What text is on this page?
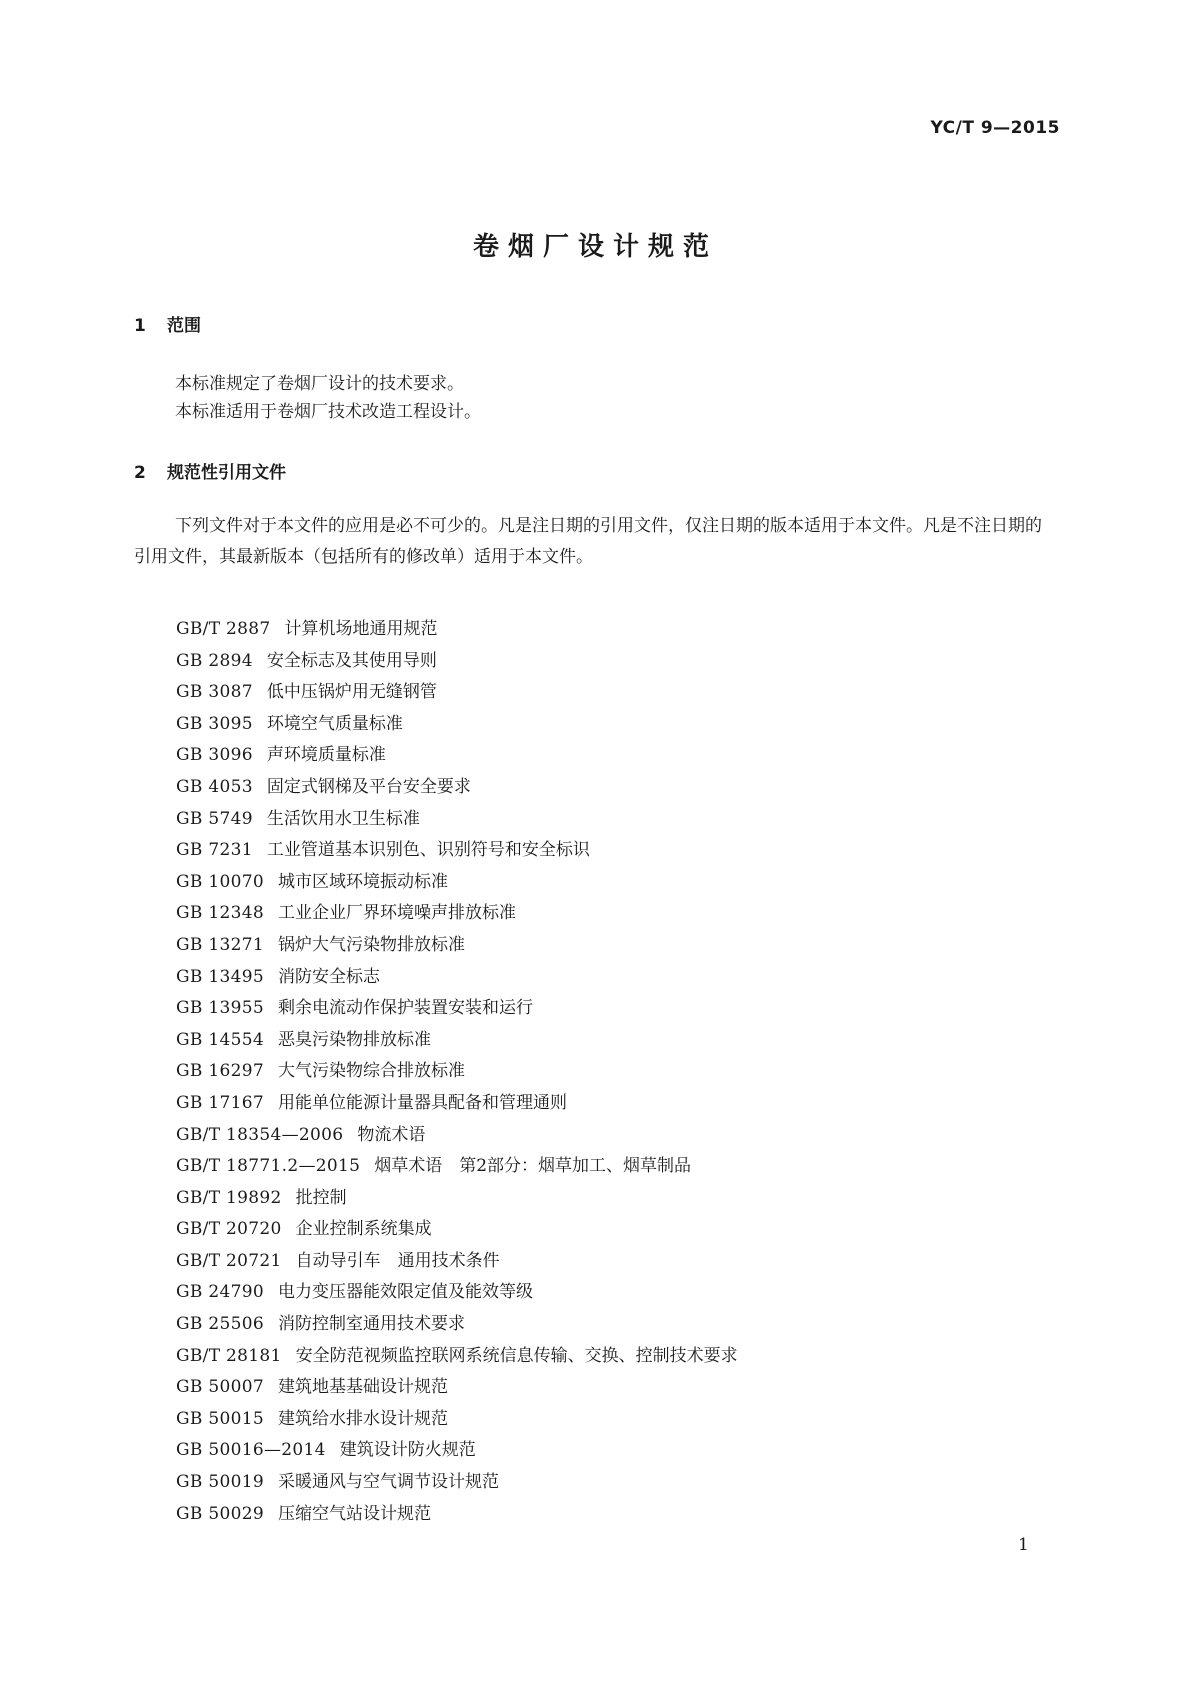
YC/T 9—2015
卷烟厂设计规范
1 范围
本标准规定了卷烟厂设计的技术要求。
本标准适用于卷烟厂技术改造工程设计。
2 规范性引用文件
下列文件对于本文件的应用是必不可少的。凡是注日期的引用文件，仅注日期的版本适用于本文件。凡是不注日期的引用文件，其最新版本（包括所有的修改单）适用于本文件。
GB/T 2887 计算机场地通用规范
GB 2894 安全标志及其使用导则
GB 3087 低中压锅炉用无缝钢管
GB 3095 环境空气质量标准
GB 3096 声环境质量标准
GB 4053 固定式钢梯及平台安全要求
GB 5749 生活饮用水卫生标准
GB 7231 工业管道基本识别色、识别符号和安全标识
GB 10070 城市区域环境振动标准
GB 12348 工业企业厂界环境噪声排放标准
GB 13271 锅炉大气污染物排放标准
GB 13495 消防安全标志
GB 13955 剩余电流动作保护装置安装和运行
GB 14554 恶臭污染物排放标准
GB 16297 大气污染物综合排放标准
GB 17167 用能单位能源计量器具配备和管理通则
GB/T 18354—2006 物流术语
GB/T 18771.2—2015 烟草术语　第2部分：烟草加工、烟草制品
GB/T 19892 批控制
GB/T 20720 企业控制系统集成
GB/T 20721 自动导引车　通用技术条件
GB 24790 电力变压器能效限定值及能效等级
GB 25506 消防控制室通用技术要求
GB/T 28181 安全防范视频监控联网系统信息传输、交换、控制技术要求
GB 50007 建筑地基基础设计规范
GB 50015 建筑给水排水设计规范
GB 50016—2014 建筑设计防火规范
GB 50019 采暖通风与空气调节设计规范
GB 50029 压缩空气站设计规范
1
